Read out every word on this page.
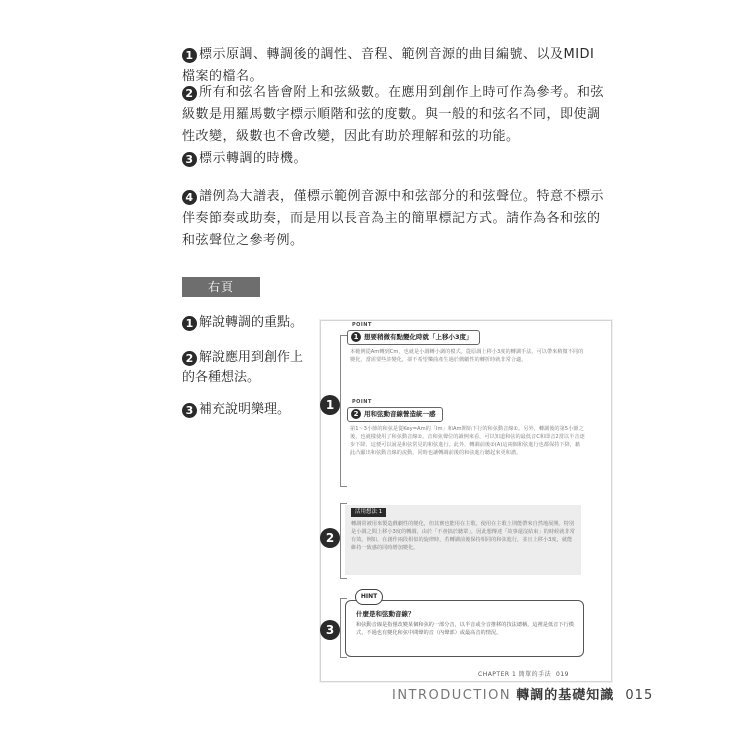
1 標示原調、轉調後的調性、音程、範例音源的曲目編號、以及MIDI檔案的檔名。
2 所有和弦名皆會附上和弦級數。在應用到創作上時可作為參考。和弦級數是用羅馬數字標示順階和弦的度數。與一般的和弦名不同，即使調性改變，級數也不會改變，因此有助於理解和弦的功能。
3 標示轉調的時機。
4 譜例為大譜表，僅標示範例音源中和弦部分的和弦聲位。特意不標示伴奏節奏或助奏，而是用以長音為主的簡單標記方式。請作為各和弦的和弦聲位之參考例。
右頁
1 解說轉調的重點。
2 解說應用到創作上的各種想法。
3 補充說明樂理。	1
2
3
POINT
1 想要稍微有點變化時就「上移小3度」
本範例從Am轉到Cm，也就是小調轉小調的模式。從原調上移小3度的轉調手法，可以帶來稍微不同的變化，當需要些許變化，卻不希望樂曲產生過於戲劇性的轉折時就非常合適。
POINT
2 用和弦動音線營造統一感
第1～3小節的和弦是從Key=Am的「Im」和Am開始下行的和弦動音線①。另外，轉調後的第5小節之後，也就樣使用了和弦動音線②。音和弦聲位的讀例來看，可以知道和弦的最低音C和即音2當以半音逐步下降，這便可以說是和弦常見的和弦進行。此外，轉調前後②(A)這兩個和弦進行也都保持下降，藉此凸顯出和弦動音線的流動，同時也讓轉調前後的和弦進行聽起來更和諧。
活用想法 1
轉調常被用來製造戲劇性的變化，但其實也能用在主歌。使用在主歌上則能帶來自然地展開。特別是小調之間上移小3度的轉調，由於「不會搞於聽眾」，因此想傳達「故事還沒結束」的時候就非常有效。例如，在創作兩段相似的旋律時，若轉調前後保持相同的和弦進行，並且上移小3度，就能維持一致感的同時增加變化。
什麼是和弦動音線？
和弦動音線是指僅改變某個和弦的一部分音，以半音或全音推移的技法總稱。這裡是低音下行模式，不過也有變化和弦中間聲的音（內聲部）或最高音的情況。
HINT
CHAPTER 1 簡單的手法 019
INTRODUCTION 轉調的基礎知識 015
